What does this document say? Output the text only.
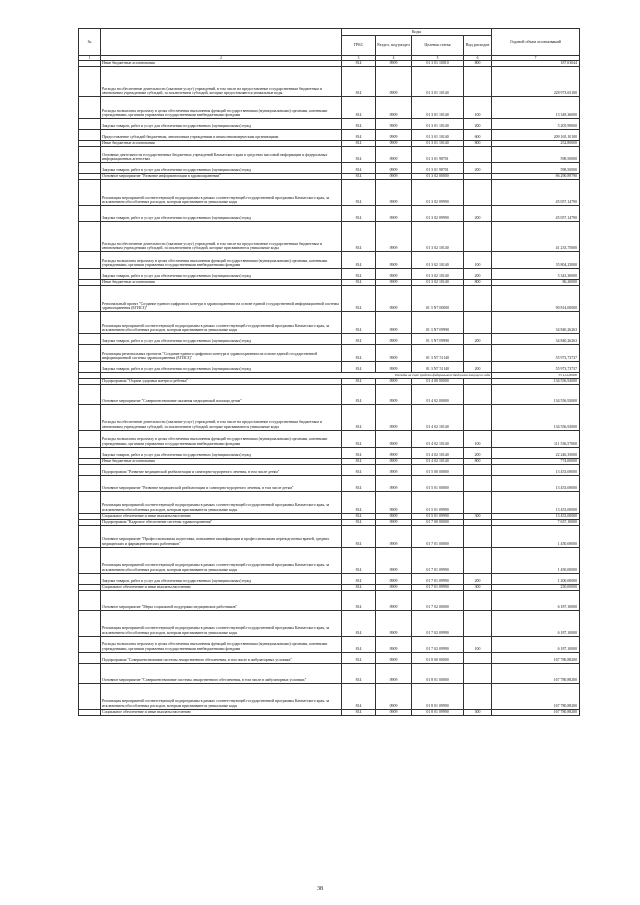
№		Коды				Годовой объем ассигнований
		ГРБС	Раздел, под-раздел	Целевая статья	Вид расходов	
1	2	3	4	5	6	7
	Иные бюджетные ассигнования	814	0909	01 3 01 10010	800	187,03044
	Расходы на обеспечение деятельности (оказание услуг) учреждений, в том числе на предоставление государственным бюджетным и автономным учреждениям субсидий, за исключением субсидий, которые предоставляются уникальные коды	814	0909	01 3 01 10140		228 973,65100
	Расходы на выплаты персоналу в целях обеспечения выполнения функций государственными (муниципальными) органами, казенными учреждениями, органами управления государственными внебюджетными фондами	814	0909	01 3 01 10140	100	13 349,36000
	Закупка товаров, работ и услуг для обеспечения государственных (муниципальных) нужд	814	0909	01 3 01 10140	200	5 205,99000
	Предоставление субсидий бюджетным, автономным учреждениям и иным некоммерческим организациям	814	0909	01 3 01 10140	600	209 165,10100
	Иные бюджетные ассигнования	814	0909	01 3 01 10140	800	252,80000
	Основные деятельности государственных бюджетных учреждений Камчатского края в средствах массовой информации и федеральных информационных агентствах	814	0909	01 3 01 98701		598,50000
	Закупка товаров, работ и услуг для обеспечения государственных (муниципальных) нужд	814	0909	01 3 01 98701	200	598,50000
	Основное мероприятие "Развитие информатизации в здравоохранении"	814	0909	01 3 02 00000		86 290,89790
	Реализация мероприятий соответствующей подпрограммы в рамках соответствующей государственной программы Камчатского края, за исключением обособленных расходов, которым присваиваются уникальные коды	814	0909	01 3 02 09990		45 057,14790
	Закупка товаров, работ и услуг для обеспечения государственных (муниципальных) нужд	814	0909	01 3 02 09990	200	45 057,14790
	Расходы на обеспечение деятельности (оказание услуг) учреждений, в том числе на предоставление государственным бюджетным и автономным учреждениям субсидий, за исключением субсидий, которые присваиваются уникальные коды	814	0909	01 3 02 10140		41 233,75000
	Расходы на выплаты персоналу в целях обеспечения выполнения функций государственными (муниципальными) органами, казенными учреждениями, органами управления государственными внебюджетными фондами	814	0909	01 3 02 10140	100	35 804,25000
	Закупка товаров, работ и услуг для обеспечения государственных (муниципальных) нужд	814	0909	01 3 02 10140	200	5 343,30000
	Иные бюджетные ассигнования	814	0909	01 3 02 10140	800	86,20000
	Региональный проект "Создание единого цифрового контура в здравоохранении на основе единой государственной информационной системы здравоохранения (ЕГИСЗ)"	814	0909	01 3 N7 00000		90 814,00000
	Реализация мероприятий соответствующей подпрограммы в рамках соответствующей государственной программы Камчатского края, за исключением обособленных расходов, которым присваиваются уникальные коды	814	0909	01 3 N7 09990		34 840,26263
	Закупка товаров, работ и услуг для обеспечения государственных (муниципальных) нужд	814	0909	01 3 N7 09990	200	34 840,26263
	Реализация региональных проектов "Создание единого цифрового контура в здравоохранении на основе единой государственной информационной системы здравоохранения (ЕГИСЗ)"	814	0909	01 3 N7 51140		55 973,73737
	Закупка товаров, работ и услуг для обеспечения государственных (муниципальных) нужд	814	0909	01 3 N7 51140	200	55 973,73737
	Расходы за счет средств федерального бюджета текущего года					55 414,00000
	Подпрограмма "Охрана здоровья матери и ребенка"	814	0909	01 4 00 00000		134 556,92000
	Основное мероприятие "Совершенствование оказания медицинской помощи детям"	814	0909	01 4 02 00000		134 556,92000
	Расходы на обеспечение деятельности (оказание услуг) учреждений, в том числе на предоставление государственным бюджетным и автономным учреждениям субсидий, за исключением субсидий, которые присваиваются уникальные коды	814	0909	01 4 02 10140		134 556,92000
	Расходы на выплаты персоналу в целях обеспечения выполнения функций государственными (муниципальными) органами, казенными учреждениями, органами управления государственными внебюджетными фондами	814	0909	01 4 02 10140	100	111 536,57000
	Закупка товаров, работ и услуг для обеспечения государственных (муниципальных) нужд	814	0909	01 4 02 10140	200	22 246,35000
	Иные бюджетные ассигнования	814	0909	01 4 02 10140	800	774,00000
	Подпрограмма "Развитие медицинской реабилитации и санаторно-курортного лечения, в том числе детям"	814	0909	01 5 00 00000		13 453,00000
	Основное мероприятие "Развитие медицинской реабилитации и санаторно-курортного лечения, в том числе детям"	814	0909	01 5 01 00000		13 453,00000
	Реализация мероприятий соответствующей подпрограммы в рамках соответствующей государственной программы Камчатского края, за исключением обособленных расходов, которым присваиваются уникальные коды	814	0909	01 5 01 09990		13 453,00000
	Социальное обеспечение и иные выплаты населению	814	0909	01 5 01 09990	300	13 453,00000
	Подпрограмма "Кадровое обеспечение системы здравоохранения"	814	0909	01 7 00 00000		7 637,10000
	Основное мероприятие "Профессиональная подготовка, повышение квалификации и профессиональная переподготовка врачей, средних медицинских и фармацевтических работников"	814	0909	01 7 01 00000		1 450,00000
	Реализация мероприятий соответствующей подпрограммы в рамках соответствующей государственной программы Камчатского края, за исключением обособленных расходов, которым присваиваются уникальные коды	814	0909	01 7 01 09990		1 450,00000
	Закупка товаров, работ и услуг для обеспечения государственных (муниципальных) нужд	814	0909	01 7 01 09990	200	1 200,00000
	Социальное обеспечение и иные выплаты населению	814	0909	01 7 01 09990	300	250,00000
	Основное мероприятие "Меры социальной поддержки медицинских работников"	814	0909	01 7 02 00000		6 187,10000
	Реализация мероприятий соответствующей подпрограммы в рамках соответствующей государственной программы Камчатского края, за исключением обособленных расходов, которым присваиваются уникальные коды	814	0909	01 7 02 09990		6 187,10000
	Расходы на выплаты персоналу в целях обеспечения выполнения функций государственными (муниципальными) органами, казенными учреждениями, органами управления государственными внебюджетными фондами	814	0909	01 7 02 09990	100	6 187,10000
	Подпрограмма "Совершенствование системы лекарственного обеспечения, в том числе в амбулаторных условиях"	814	0909	01 8 00 00000		167 780,88200
	Основное мероприятие "Совершенствование системы лекарственного обеспечения, в том числе в амбулаторных условиях"	814	0909	01 8 01 00000		167 780,88200
	Реализация мероприятий соответствующей подпрограммы в рамках соответствующей государственной программы Камчатского края, за исключением обособленных расходов, которым присваиваются уникальные коды	814	0909	01 8 01 09990		167 780,88200
	Социальное обеспечение и иные выплаты населению	814	0909	01 8 01 09990	300	167 780,88200
38
